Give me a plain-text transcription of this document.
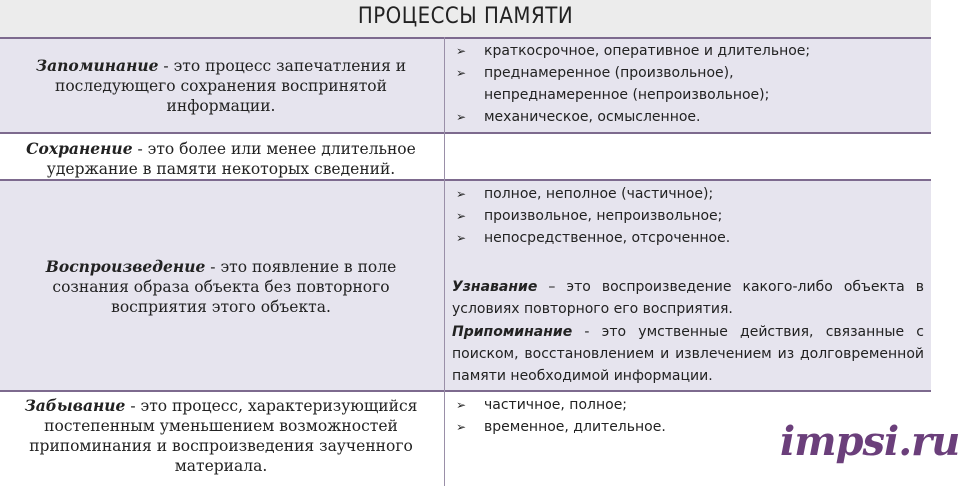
ПРОЦЕССЫ ПАМЯТИ
Запоминание - это процесс запечатления и последующего сохранения воспринятой информации.
➢ краткосрочное, оперативное и длительное;
➢ преднамеренное (произвольное),
непреднамеренное (непроизвольное);
➢ механическое, осмысленное.
Сохранение - это более или менее длительное удержание в памяти некоторых сведений.
Воспроизведение - это появление в поле сознания образа объекта без повторного восприятия этого объекта.
➢ полное, неполное (частичное);
➢ произвольное, непроизвольное;
➢ непосредственное, отсроченное.
Узнавание – это воспроизведение какого-либо объекта в условиях повторного его восприятия.
Припоминание - это умственные действия, связанные с поиском, восстановлением и извлечением из долговременной памяти необходимой информации.
Забывание - это процесс, характеризующийся постепенным уменьшением возможностей припоминания и воспроизведения заученного материала.
➢ частичное, полное;
➢ временное, длительное.	impsi.ru
